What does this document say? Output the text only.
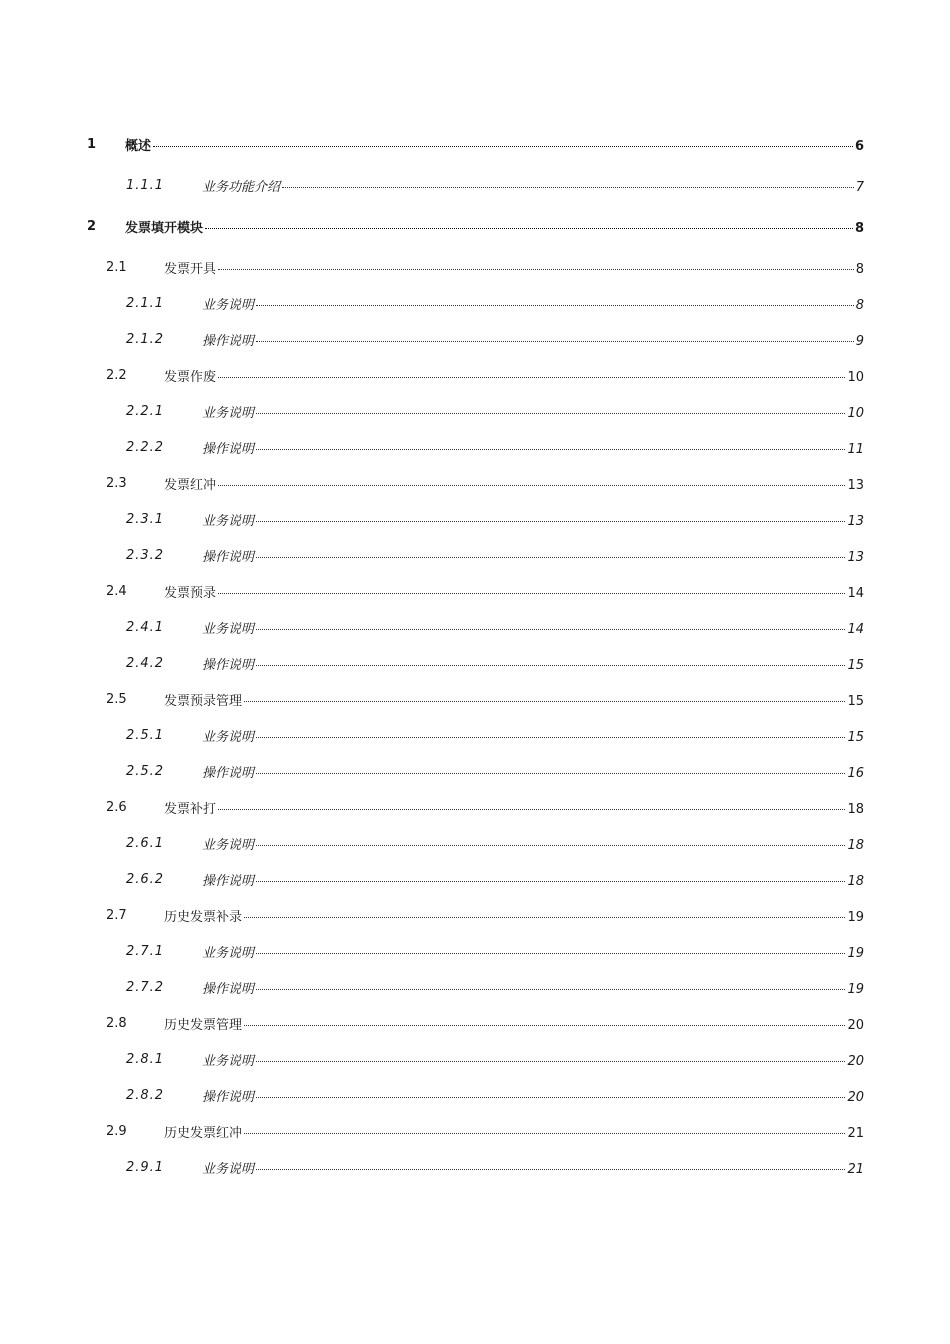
1 概述	6
1.1.1	业务功能介绍	7
2 发票填开模块	8
2.1	发票开具	8
2.1.1	业务说明	8
2.1.2	操作说明	9
2.2	发票作废	10
2.2.1	业务说明	10
2.2.2	操作说明	11
2.3	发票红冲	13
2.3.1	业务说明	13
2.3.2	操作说明	13
2.4	发票预录	14
2.4.1	业务说明	14
2.4.2	操作说明	15
2.5	发票预录管理	15
2.5.1	业务说明	15
2.5.2	操作说明	16
2.6	发票补打	18
2.6.1	业务说明	18
2.6.2	操作说明	18
2.7	历史发票补录	19
2.7.1	业务说明	19
2.7.2	操作说明	19
2.8	历史发票管理	20
2.8.1	业务说明	20
2.8.2	操作说明	20
2.9	历史发票红冲	21
2.9.1	业务说明	21
